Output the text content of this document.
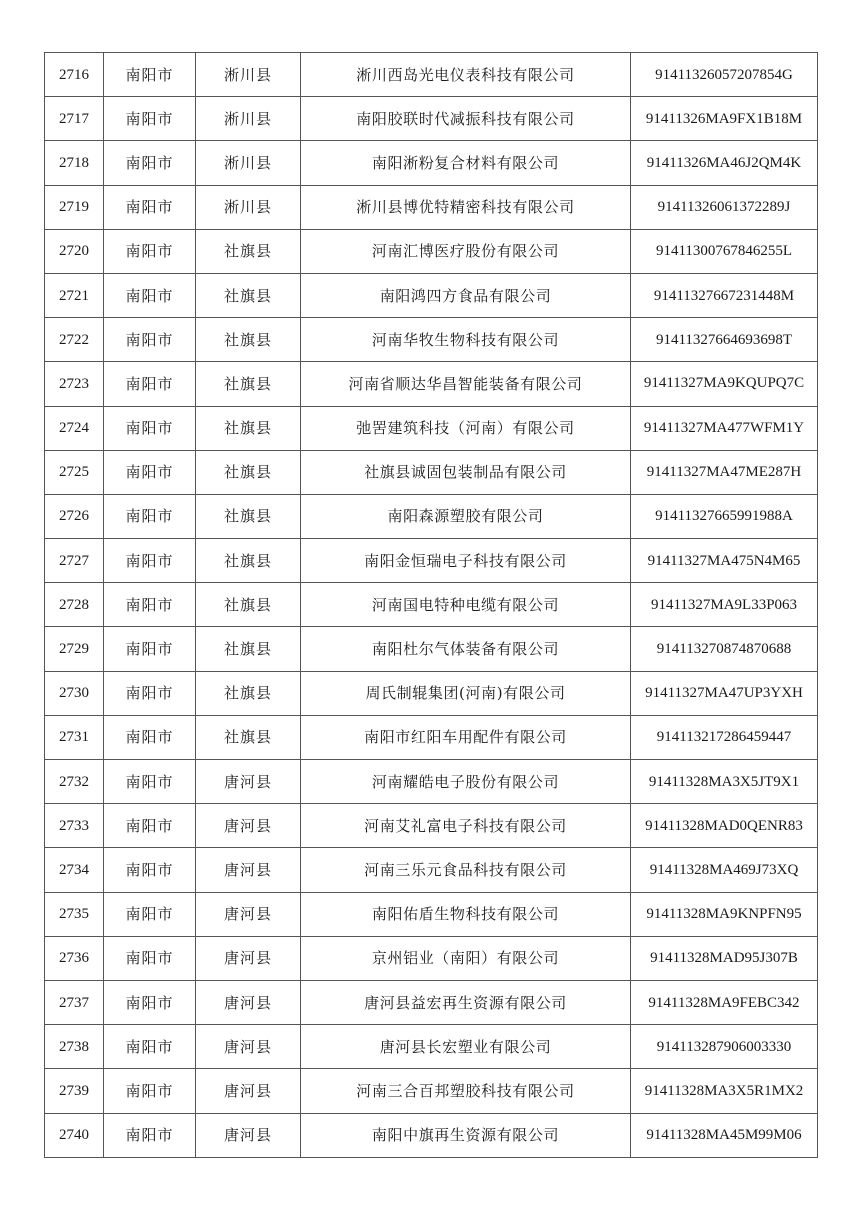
2716	南阳市	淅川县	淅川西岛光电仪表科技有限公司	91411326057207854G
2717	南阳市	淅川县	南阳胶联时代减振科技有限公司	91411326MA9FX1B18M
2718	南阳市	淅川县	南阳淅粉复合材料有限公司	91411326MA46J2QM4K
2719	南阳市	淅川县	淅川县博优特精密科技有限公司	91411326061372289J
2720	南阳市	社旗县	河南汇博医疗股份有限公司	91411300767846255L
2721	南阳市	社旗县	南阳鸿四方食品有限公司	91411327667231448M
2722	南阳市	社旗县	河南华牧生物科技有限公司	91411327664693698T
2723	南阳市	社旗县	河南省顺达华昌智能装备有限公司	91411327MA9KQUPQ7C
2724	南阳市	社旗县	弛罟建筑科技（河南）有限公司	91411327MA477WFM1Y
2725	南阳市	社旗县	社旗县诚固包装制品有限公司	91411327MA47ME287H
2726	南阳市	社旗县	南阳森源塑胶有限公司	91411327665991988A
2727	南阳市	社旗县	南阳金恒瑞电子科技有限公司	91411327MA475N4M65
2728	南阳市	社旗县	河南国电特种电缆有限公司	91411327MA9L33P063
2729	南阳市	社旗县	南阳杜尔气体装备有限公司	914113270874870688
2730	南阳市	社旗县	周氏制辊集团(河南)有限公司	91411327MA47UP3YXH
2731	南阳市	社旗县	南阳市红阳车用配件有限公司	914113217286459447
2732	南阳市	唐河县	河南耀皓电子股份有限公司	91411328MA3X5JT9X1
2733	南阳市	唐河县	河南艾礼富电子科技有限公司	91411328MAD0QENR83
2734	南阳市	唐河县	河南三乐元食品科技有限公司	91411328MA469J73XQ
2735	南阳市	唐河县	南阳佑盾生物科技有限公司	91411328MA9KNPFN95
2736	南阳市	唐河县	京州铝业（南阳）有限公司	91411328MAD95J307B
2737	南阳市	唐河县	唐河县益宏再生资源有限公司	91411328MA9FEBC342
2738	南阳市	唐河县	唐河县长宏塑业有限公司	914113287906003330
2739	南阳市	唐河县	河南三合百邦塑胶科技有限公司	91411328MA3X5R1MX2
2740	南阳市	唐河县	南阳中旗再生资源有限公司	91411328MA45M99M06
